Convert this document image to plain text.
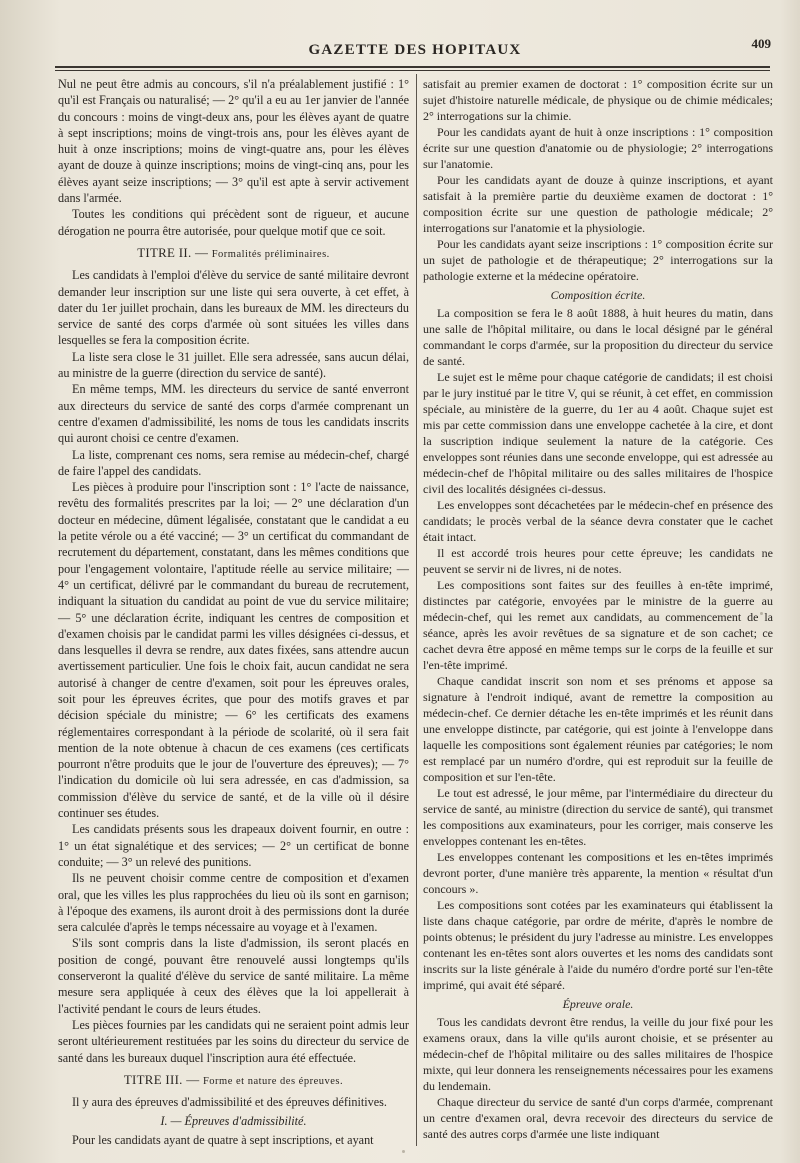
GAZETTE DES HOPITAUX	409

Nul ne peut être admis au concours, s'il n'a préalablement justifié : 1° qu'il est Français ou naturalisé; — 2° qu'il a eu au 1er janvier de l'année du concours : moins de vingt-deux ans, pour les élèves ayant de quatre à sept inscriptions; moins de vingt-trois ans, pour les élèves ayant de huit à onze inscriptions; moins de vingt-quatre ans, pour les élèves ayant de douze à quinze inscriptions; moins de vingt-cinq ans, pour les élèves ayant seize inscriptions; — 3° qu'il est apte à servir activement dans l'armée.

Toutes les conditions qui précèdent sont de rigueur, et aucune dérogation ne pourra être autorisée, pour quelque motif que ce soit.

TITRE II. — Formalités préliminaires.

Les candidats à l'emploi d'élève du service de santé militaire devront demander leur inscription sur une liste qui sera ouverte, à cet effet, à dater du 1er juillet prochain, dans les bureaux de MM. les directeurs du service de santé des corps d'armée où sont situées les villes dans lesquelles se fera la composition écrite.

La liste sera close le 31 juillet. Elle sera adressée, sans aucun délai, au ministre de la guerre (direction du service de santé).

En même temps, MM. les directeurs du service de santé enverront aux directeurs du service de santé des corps d'armée comprenant un centre d'examen d'admissibilité, les noms de tous les candidats inscrits qui auront choisi ce centre d'examen.

La liste, comprenant ces noms, sera remise au médecin-chef, chargé de faire l'appel des candidats.

Les pièces à produire pour l'inscription sont : 1° l'acte de naissance, revêtu des formalités prescrites par la loi; — 2° une déclaration d'un docteur en médecine, dûment légalisée, constatant que le candidat a eu la petite vérole ou a été vacciné; — 3° un certificat du commandant de recrutement du département, constatant, dans les mêmes conditions que pour l'engagement volontaire, l'aptitude réelle au service militaire; — 4° un certificat, délivré par le commandant du bureau de recrutement, indiquant la situation du candidat au point de vue du service militaire; — 5° une déclaration écrite, indiquant les centres de composition et d'examen choisis par le candidat parmi les villes désignées ci-dessus, et dans lesquelles il devra se rendre, aux dates fixées, sans attendre aucun avertissement particulier. Une fois le choix fait, aucun candidat ne sera autorisé à changer de centre d'examen, soit pour les épreuves orales, soit pour les épreuves écrites, que pour des motifs graves et par décision spéciale du ministre; — 6° les certificats des examens réglementaires correspondant à la période de scolarité, où il sera fait mention de la note obtenue à chacun de ces examens (ces certificats pourront n'être produits que le jour de l'ouverture des épreuves); — 7° l'indication du domicile où lui sera adressée, en cas d'admission, sa commission d'élève du service de santé, et de la ville où il désire continuer ses études.

Les candidats présents sous les drapeaux doivent fournir, en outre : 1° un état signalétique et des services; — 2° un certificat de bonne conduite; — 3° un relevé des punitions.

Ils ne peuvent choisir comme centre de composition et d'examen oral, que les villes les plus rapprochées du lieu où ils sont en garnison; à l'époque des examens, ils auront droit à des permissions dont la durée sera calculée d'après le temps nécessaire au voyage et à l'examen.

S'ils sont compris dans la liste d'admission, ils seront placés en position de congé, pouvant être renouvelé aussi longtemps qu'ils conserveront la qualité d'élève du service de santé militaire. La même mesure sera appliquée à ceux des élèves que la loi appellerait à l'activité pendant le cours de leurs études.

Les pièces fournies par les candidats qui ne seraient point admis leur seront ultérieurement restituées par les soins du directeur du service de santé dans les bureaux duquel l'inscription aura été effectuée.

TITRE III. — Forme et nature des épreuves.

Il y aura des épreuves d'admissibilité et des épreuves définitives.

I. — Épreuves d'admissibilité.

Pour les candidats ayant de quatre à sept inscriptions, et ayant

satisfait au premier examen de doctorat : 1° composition écrite sur un sujet d'histoire naturelle médicale, de physique ou de chimie médicales; 2° interrogations sur la chimie.

Pour les candidats ayant de huit à onze inscriptions : 1° composition écrite sur une question d'anatomie ou de physiologie; 2° interrogations sur l'anatomie.

Pour les candidats ayant de douze à quinze inscriptions, et ayant satisfait à la première partie du deuxième examen de doctorat : 1° composition écrite sur une question de pathologie médicale; 2° interrogations sur l'anatomie et la physiologie.

Pour les candidats ayant seize inscriptions : 1° composition écrite sur un sujet de pathologie et de thérapeutique; 2° interrogations sur la pathologie externe et la médecine opératoire.

Composition écrite.

La composition se fera le 8 août 1888, à huit heures du matin, dans une salle de l'hôpital militaire, ou dans le local désigné par le général commandant le corps d'armée, sur la proposition du directeur du service de santé.

Le sujet est le même pour chaque catégorie de candidats; il est choisi par le jury institué par le titre V, qui se réunit, à cet effet, en commission spéciale, au ministère de la guerre, du 1er au 4 août. Chaque sujet est mis par cette commission dans une enveloppe cachetée à la cire, et dont la suscription indique seulement la nature de la catégorie. Ces enveloppes sont réunies dans une seconde enveloppe, qui est adressée au médecin-chef de l'hôpital militaire ou des salles militaires de l'hospice civil des localités désignées ci-dessus.

Les enveloppes sont décachetées par le médecin-chef en présence des candidats; le procès verbal de la séance devra constater que le cachet était intact.

Il est accordé trois heures pour cette épreuve; les candidats ne peuvent se servir ni de livres, ni de notes.

Les compositions sont faites sur des feuilles à en-tête imprimé, distinctes par catégorie, envoyées par le ministre de la guerre au médecin-chef, qui les remet aux candidats, au commencement de la séance, après les avoir revêtues de sa signature et de son cachet; ce cachet devra être apposé en même temps sur le corps de la feuille et sur l'en-tête imprimé.

Chaque candidat inscrit son nom et ses prénoms et appose sa signature à l'endroit indiqué, avant de remettre la composition au médecin-chef. Ce dernier détache les en-tête imprimés et les réunit dans une enveloppe distincte, par catégorie, qui est jointe à l'enveloppe dans laquelle les compositions sont également réunies par catégories; le nom est remplacé par un numéro d'ordre, qui est reproduit sur la feuille de composition et sur l'en-tête.

Le tout est adressé, le jour même, par l'intermédiaire du directeur du service de santé, au ministre (direction du service de santé), qui transmet les compositions aux examinateurs, pour les corriger, mais conserve les enveloppes contenant les en-têtes.

Les enveloppes contenant les compositions et les en-têtes imprimés devront porter, d'une manière très apparente, la mention « résultat d'un concours ».

Les compositions sont cotées par les examinateurs qui établissent la liste dans chaque catégorie, par ordre de mérite, d'après le nombre de points obtenus; le président du jury l'adresse au ministre. Les enveloppes contenant les en-têtes sont alors ouvertes et les noms des candidats sont inscrits sur la liste générale à l'aide du numéro d'ordre porté sur l'en-tête imprimé, qui avait été séparé.

Épreuve orale.

Tous les candidats devront être rendus, la veille du jour fixé pour les examens oraux, dans la ville qu'ils auront choisie, et se présenter au médecin-chef de l'hôpital militaire ou des salles militaires de l'hospice mixte, qui leur donnera les renseignements nécessaires pour les examens du lendemain.

Chaque directeur du service de santé d'un corps d'armée, comprenant un centre d'examen oral, devra recevoir des directeurs du service de santé des autres corps d'armée une liste indiquant
